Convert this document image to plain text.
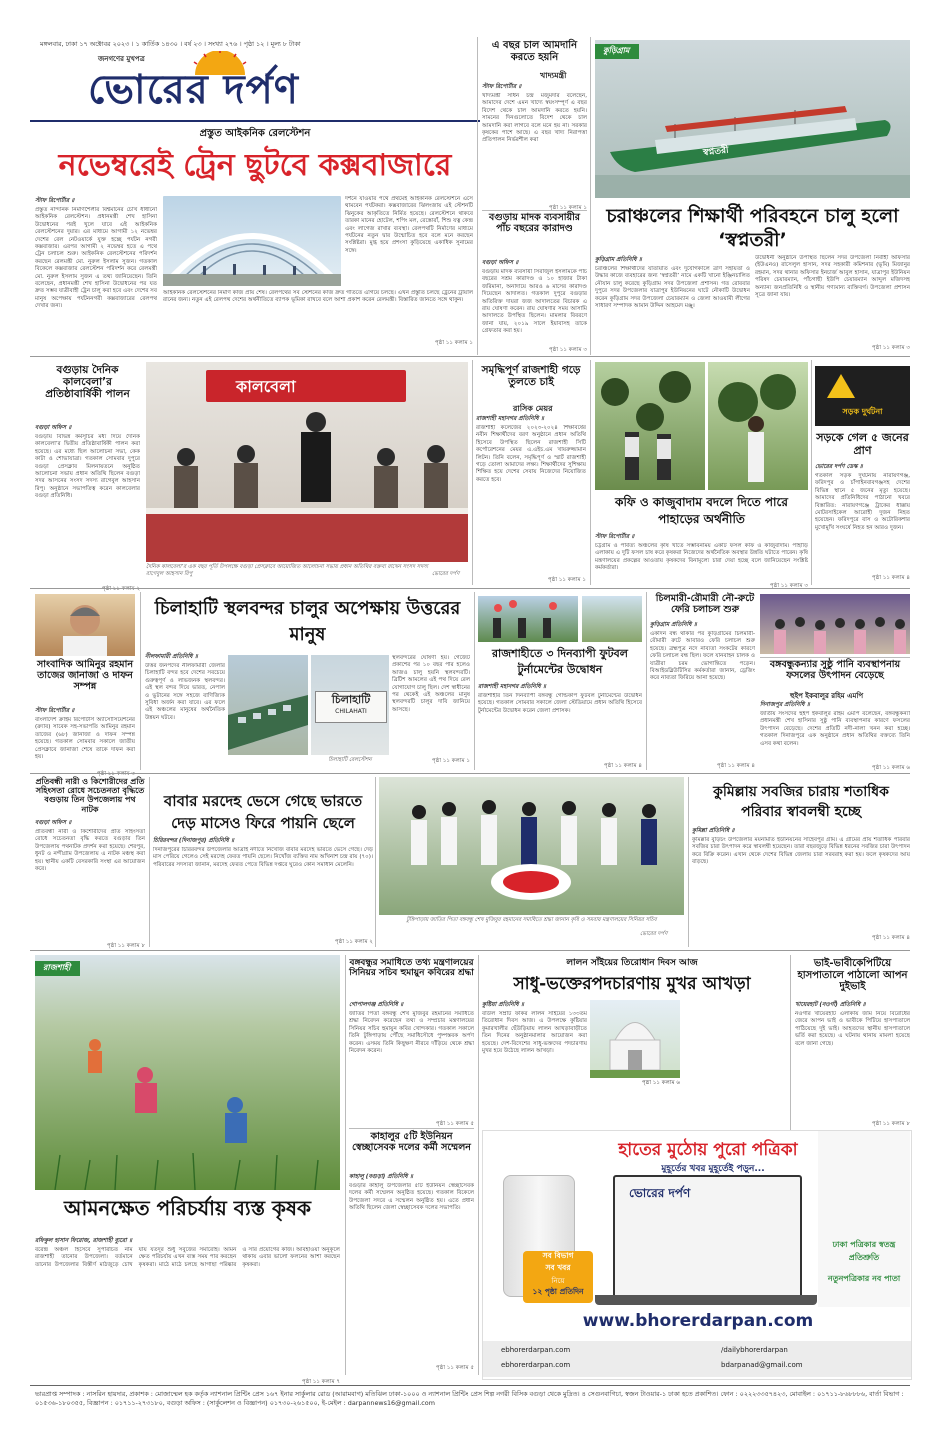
মঙ্গলবার, ঢাকা ১৭ অক্টোবর ২০২৩ । ১ কার্তিক ১৪৩০ । বর্ষ ২৩ । সংখ্যা ২৭৬ । পৃষ্ঠা ১২ । মূল্য ৮ টাকা
জনগণের মুখপত্র
ভোরের দর্পণ
প্রস্তুত আইকনিক রেলস্টেশন
নভেম্বরেই ট্রেন ছুটবে কক্সবাজারে
স্টাফ রিপোর্টার ॥
প্রস্তুত নান্দনিক নির্মাণশৈলীর বিশ্বমানের চোখ ধাঁধানো আইকনিক রেলস্টেশন। প্রধানমন্ত্রী শেখ হাসিনা উদ্বোধনের পরই খুলে যাবে এই আইকনিক রেলস্টেশনের দুয়ার। এর মাধ্যমে আগামী ১২ নভেম্বর দেশের রেল নেটওয়ার্কে যুক্ত হচ্ছে পর্যটন নগরী কক্সবাজার। এরপর আগামী ২ নভেম্বর হতে এ পথে ট্রেন চলাচল শুরু। আইকনিক রেলস্টেশনের পরিদর্শন করছেন রেলমন্ত্রী মো. নুরুল ইসলাম সুজন। গতকাল বিকেলে কক্সবাজার রেলস্টেশন পরিদর্শন করে রেলমন্ত্রী মো. নুরুল ইসলাম সুজন এ তথ্য জানিয়েছেন। তিনি বলেছেন, প্রধানমন্ত্রী শেখ হাসিনা উদ্বোধনের পর যত দ্রুত সম্ভব যাত্রীবাহী ট্রেন চালু করা হবে এবং দেশের সব মানুষ অপেক্ষায় পর্যটননগরী কক্সবাজারের রেলপথ দেখার জন্য।
দর্শনে যাওয়ার পথে প্রথমেই আইকনিক রেলস্টেশনে এসে থামবেন পর্যটকরা। কক্সবাজারের ঝিলংজায় এই স্টেশনটি ঝিনুকের আকৃতিতে নির্মিত হয়েছে। রেলস্টেশনে থাকবে তারকা মানের হোটেল, শপিং মল, রেস্তোরাঁ, শিশু যত্ন কেন্দ্র এবং লাগেজ রাখার ব্যবস্থা। রেলপথটি নির্মাণের মাধ্যমে পর্যটনের নতুন দ্বার উন্মোচিত হবে বলে মনে করছেন সংশ্লিষ্টরা। মুগ্ধ হয়ে প্রশংসা কুড়িয়েছে একাধিক সুনামের সঙ্গে।
আইকনিক রেলস্টেশনের নির্মাণ কাজ প্রায় শেষ। রেলপথের সব স্টেশনের কাজ দ্রুত গতিতে এগিয়ে চলছে। এখন প্রস্তুতি চলছে ট্রেনের ট্রায়াল রানের জন্য। নতুন এই রেলপথ দেশের অর্থনীতিতে ব্যাপক ভূমিকা রাখবে বলে আশা প্রকাশ করেন রেলমন্ত্রী। বিস্তারিত জানতে সঙ্গে থাকুন।
পৃষ্ঠা ১১ কলাম ১
এ বছর চাল আমদানি করতে হয়নি
খাদ্যমন্ত্রী
স্টাফ রিপোর্টার ॥
খাদ্যমন্ত্রী সাধন চন্দ্র মজুমদার বলেছেন, আমাদের দেশে এমন খাদ্যে স্বয়ংসম্পূর্ণ এ বছর বিদেশ থেকে চাল আমদানি করতে হয়নি। সামনের দিনগুলোতে বিদেশ থেকে চাল আমদানি করা লাগবে বলে মনে হয় না। সরকার কৃষকের পাশে আছে। এ বছর খাদ্য নিরাপত্তা প্রতিপালন নির্ভরশীল করা
পৃষ্ঠা ১১ কলাম ১
বগুড়ায় মাদক ব্যবসায়ীর পাঁচ বছরের কারাদণ্ড
বগুড়া অফিস ॥
বগুড়ায় মাদক ব্যবসায়ী সিরাজুল ইসলামকে পাঁচ বছরের সশ্রম কারাদণ্ড ও ১০ হাজার টাকা জরিমানা, অনাদায়ে আরও ৬ মাসের কারাদণ্ড দিয়েছেন আদালত। গতকাল দুপুরে বগুড়ার অতিরিক্ত দায়রা জজ আদালতের বিচারক এ রায় ঘোষণা করেন। রায় ঘোষণার সময় আসামি আদালতে উপস্থিত ছিলেন। মামলার বিবরণে জানা যায়, ২০১৯ সালে ইয়াবাসহ তাকে গ্রেফতার করা হয়।
পৃষ্ঠা ১১ কলাম ৩
কুড়িগ্রাম
স্বপ্নতরী
চরাঞ্চলের শিক্ষার্থী পরিবহনে চালু হলো ‘স্বপ্নতরী’
কুড়িগ্রাম প্রতিনিধি ॥
চরাঞ্চলের শিক্ষার্থীদের যাতায়াত এবং দুর্যোগকালে ত্রাণ সহায়তা ও উদ্ধার কাজে ব্যবহারের জন্য ‘স্বপ্নতরী’ নামে একটি খানো ইঞ্জিনচালিত নৌযান চালু করেছে কুড়িগ্রাম সদর উপজেলা প্রশাসন। গত রোববার দুপুরে সদর উপজেলার যাত্রাপুর ইউনিয়নের ঘাটে নৌকাটি উদ্বোধন করেন কুড়িগ্রাম সদর উপজেলা চেয়ারম্যান ও জেলা আওয়ামী লীগের সাধারণ সম্পাদক আমান উদ্দিন আহমেদ মঞ্জু।
উদ্বোধনী অনুষ্ঠানে উপস্থিত ছিলেন সদর উপজেলা নির্বাহী অফিসার (ইউএনও) রাসেলুল হাসান, সদর সহকারী কমিশনার (ভূমি) মিজানুর রহমান, সদর থানার অফিসার ইনচার্জ আবুল হাসান, যাত্রাপুর ইউনিয়ন পরিষদ চেয়ারম্যান, পাঁচগাছী ইউপি চেয়ারম্যান আব্দুল মজিদসহ অন্যান্য জনপ্রতিনিধি ও স্থানীয় গণ্যমান্য ব্যক্তিবর্গ। উপজেলা প্রশাসন সূত্রে জানা যায়।
পৃষ্ঠা ১১ কলাম ৩
বগুড়ায় দৈনিক কালবেলা’র প্রতিষ্ঠাবার্ষিকী পালন
বগুড়া অফিস ॥
বগুড়ায় বিভিন্ন কর্মসূচির মধ্য দিয়ে দৈনিক কালবেলা’র দ্বিতীয় প্রতিষ্ঠাবার্ষিকী পালন করা হয়েছে। এর মধ্যে ছিল আলোচনা সভা, কেক কাটা ও শোভাযাত্রা। গতকাল সোমবার দুপুরে বগুড়া প্রেসক্লাব মিলনায়তনে অনুষ্ঠিত আলোচনা সভায় প্রধান অতিথি ছিলেন বগুড়া সদর আসনের সংসদ সদস্য রাগেবুল আহসান রিপু। অনুষ্ঠানে সভাপতিত্ব করেন কালবেলার বগুড়া প্রতিনিধি।
পৃষ্ঠা ১১ কলাম ২
কালবেলা
দৈনিক কালবেলা’র এক বছর পূর্তি উপলক্ষে বগুড়া প্রেসক্লাবে আয়োজিত আলোচনা সভায় প্রধান অতিথির বক্তব্য রাখেন সংসদ সদস্য রাগেবুল আহসান রিপু	ভোরের দর্পণ
সমৃদ্ধিপূর্ণ রাজশাহী গড়ে তুলতে চাই
রাসিক মেয়র
রাজশাহী মহানগর প্রতিনিধি ॥
রাজশাহী কলেজের ২০২৩-২০২৪ শিক্ষাবর্ষের নবীন শিক্ষার্থীদের বরণ অনুষ্ঠানে প্রধান অতিথি হিসেবে উপস্থিত ছিলেন রাজশাহী সিটি কর্পোরেশনের মেয়র এ.এইচ.এম খায়রুজ্জামান লিটন। তিনি বলেন, সমৃদ্ধিপূর্ণ ও স্মার্ট রাজশাহী গড়ে তোলা আমাদের লক্ষ্য। শিক্ষার্থীদের সুশিক্ষায় শিক্ষিত হয়ে দেশের সেবায় নিজেদের নিয়োজিত করতে হবে।
পৃষ্ঠা ১১ কলাম ১
কফি ও কাজুবাদাম বদলে দিতে পারে পাহাড়ের অর্থনীতি
স্টাফ রিপোর্টার ॥
চট্টগ্রাম ও পার্বত্য অঞ্চলের কৃষি খাতে সম্ভাবনাময় একটি ফসল কফি ও কাজুবাদাম। পাহাড়ি এলাকায় এ দুটি ফসল চাষ করে কৃষকরা নিজেদের অর্থনৈতিক অবস্থার উন্নতি ঘটাতে পারেন। কৃষি মন্ত্রণালয়ের প্রকল্পের আওতায় কৃষকদের বিনামূল্যে চারা দেয়া হচ্ছে বলে জানিয়েছেন সংশ্লিষ্ট কর্মকর্তারা।
পৃষ্ঠা ১১ কলাম ৩
সড়ক দুর্ঘটনা
সড়কে গেল ৫ জনের প্রাণ
ভোরের দর্পণ ডেস্ক ॥
গতকাল সড়ক দুর্ঘটনায় নারায়ণগঞ্জ, ফরিদপুর ও চাঁপাইনবাবগঞ্জসহ দেশের বিভিন্ন স্থানে ৫ জনের মৃত্যু হয়েছে। আমাদের প্রতিনিধিদের পাঠানো খবরে বিস্তারিত: নারায়ণগঞ্জে ট্রাকের ধাক্কায় মোটরসাইকেল আরোহী দুজন নিহত হয়েছেন। ফরিদপুরে বাস ও অটোরিকশার মুখোমুখি সংঘর্ষে নিহত হন আরও দুজন।
পৃষ্ঠা ১১ কলাম ৪
সাংবাদিক আমিনুর রহমান তাজের জানাজা ও দাফন সম্পন্ন
স্টাফ রিপোর্টার ॥
বাংলাদেশ ক্রাইম রিপোর্টার্স অ্যাসোসিয়েশনের (ক্র্যাব) সাবেক সহ-সভাপতি আমিনুর রহমান তাজের (৬৮) জানাজা ও দাফন সম্পন্ন হয়েছে। গতকাল সোমবার সকালে জাতীয় প্রেসক্লাবে জানাজা শেষে তাকে দাফন করা হয়।
পৃষ্ঠা ১১ কলাম ৩
চিলাহাটি স্থলবন্দর চালুর অপেক্ষায় উত্তরের মানুষ
নীলফামারী প্রতিনিধি ॥
উত্তর জনপদের নীলফামারী জেলার চিলাহাটি বন্দর হবে দেশের সবচেয়ে গুরুত্বপূর্ণ ও লাভজনক স্থলবন্দর। এই স্থল বন্দর দিয়ে ভারত, নেপাল ও ভুটানের সঙ্গে সহজে বাণিজ্যিক সুবিধা অর্জন করা যাবে। এর ফলে এই অঞ্চলের মানুষের অর্থনৈতিক উন্নয়ন ঘটবে।
চিলাহাটি
CHILAHATI
স্থলবন্দরের ঘোষণা হয়। গেজেট প্রকাশের পর ১০ বছর পার হলেও আজও চালু হয়নি স্থলবন্দরটি। ব্রিটিশ আমলের এই পথ দিয়ে রেল যোগাযোগ চালু ছিল। দেশ স্বাধীনের পর থেকেই এই অঞ্চলের মানুষ স্থলবন্দরটি চালুর দাবি জানিয়ে আসছে।
চিলাহাটি রেলস্টেশন	পৃষ্ঠা ১১ কলাম ১
রাজশাহীতে ৩ দিনব্যাপী ফুটবল টুর্নামেন্টের উদ্বোধন
রাজশাহী মহানগর প্রতিনিধি ॥
রাজশাহীর তিন দিনব্যাপী বঙ্গবন্ধু গোল্ডকাপ ফুটবল টুর্নামেন্টের উদ্বোধন হয়েছে। গতকাল সোমবার সকালে জেলা স্টেডিয়ামে প্রধান অতিথি হিসেবে টুর্নামেন্টের উদ্বোধন করেন জেলা প্রশাসক।
পৃষ্ঠা ১১ কলাম ৪
চিলমারী-রৌমারী নৌ-রুটে ফেরি চলাচল শুরু
কুড়িগ্রাম প্রতিনিধি ॥
একদিন বন্ধ থাকার পর কুড়িগ্রামের চিলমারী-রৌমারী রুটে আবারও ফেরি চলাচল শুরু হয়েছে। ব্রহ্মপুত্র নদে নাব্যতা সংকটের কারণে ফেরি চলাচল বন্ধ ছিল। ফলে যানবাহন চালক ও যাত্রীরা চরম ভোগান্তিতে পড়েন। বিআইডব্লিউটিসির কর্মকর্তারা জানান, ড্রেজিং করে নাব্যতা ফিরিয়ে আনা হয়েছে।
পৃষ্ঠা ১১ কলাম ৪
বঙ্গবন্ধুকন্যার সুষ্ঠু পানি ব্যবস্থাপনায় ফসলের উৎপাদন বেড়েছে
হুইপ ইকবালুর রহিম এমপি
দিনাজপুর প্রতিনিধি ॥
জাতীয় সংসদের হুইপ ইকবালুর রহিম এমপি বলেছেন, বঙ্গবন্ধুকন্যা প্রধানমন্ত্রী শেখ হাসিনার সুষ্ঠু পানি ব্যবস্থাপনার কারণে ফসলের উৎপাদন বেড়েছে। দেশের প্রতিটি নদী-নালা খনন করা হচ্ছে। গতকাল দিনাজপুরে এক অনুষ্ঠানে প্রধান অতিথির বক্তব্যে তিনি এসব কথা বলেন।
পৃষ্ঠা ১১ কলাম ৬
প্রতিবন্ধী নারী ও কিশোরীদের প্রতি সহিংসতা রোধে সচেতনতা বৃদ্ধিতে বগুড়ায় তিন উপজেলায় পথ নাটক
বগুড়া অফিস ॥
প্রতিবন্ধী নারী ও কিশোরীদের প্রতি সহিংসতা রোধে সচেতনতা বৃদ্ধি করতে বগুড়ার তিন উপজেলায় পথনাটক প্রদর্শন করা হয়েছে। শেরপুর, ধুনট ও নন্দীগ্রাম উপজেলায় এ নাটক মঞ্চস্থ করা হয়। স্থানীয় একটি বেসরকারি সংস্থা এর আয়োজন করে।
পৃষ্ঠা ১১ কলাম ৮
বাবার মরদেহ ভেসে গেছে ভারতে দেড় মাসেও ফিরে পায়নি ছেলে
চিরিরবন্দর (দিনাজপুর) প্রতিনিধি ॥
দিনাজপুরের চিরিরবন্দর উপজেলার আত্রাই নদীতে নিখোঁজ বাবার মরদেহ ভারতে ভেসে গেছে। দেড় মাস পেরিয়ে গেলেও সেই মরদেহ ফেরত পায়নি ছেলে। নিখোঁজ ব্যক্তির নাম অখিনাশ চন্দ্র রায় (৭০)। পরিবারের সদস্যরা জানান, মরদেহ ফেরত পেতে বিভিন্ন দপ্তরে ঘুরেও কোন সমাধান মেলেনি।
পৃষ্ঠা ১১ কলাম ২
টুঙ্গিপাড়ায় জাতির পিতা বঙ্গবন্ধু শেখ মুজিবুর রহমানের সমাধিতে শ্রদ্ধা জানান কৃষি ও সমবায় মন্ত্রণালয়ের সিনিয়র সচিব
ভোরের দর্পণ
কুমিল্লায় সবজির চারায় শতাধিক পরিবার স্বাবলম্বী হচ্ছে
কুমিল্লা প্রতিনিধি ॥
কুমিল্লার বুড়িচং উপজেলার ময়নামতি ইউনিয়নের সাহেবপুর গ্রাম। এ গ্রামের প্রায় শতাধিক পরিবার সবজির চারা উৎপাদন করে স্বাবলম্বী হয়েছেন। তারা বছরজুড়ে বিভিন্ন ধরনের সবজির চারা উৎপাদন করে বিক্রি করেন। এখান থেকে দেশের বিভিন্ন জেলায় চারা সরবরাহ করা হয়। ফলে কৃষকদের আয় বাড়ছে।
পৃষ্ঠা ১১ কলাম ৪
রাজশাহী
আমনক্ষেত পরিচর্যায় ব্যস্ত কৃষক
রফিকুল হাসান ফিরোজ, রাজশাহী ব্যুরো ॥
বরেন্দ্র অঞ্চল হিসেবে সুপরিচিত নাম রাজশাহী তানোর উপজেলা। বর্তমানে তানোর উপজেলার বিস্তীর্ণ মাঠজুড়ে চোখ যায় যতদূর শুধু সবুজের সমারোহ। আমন ক্ষেত পরিচর্যায় এখন ব্যস্ত সময় পার করছেন কৃষকরা। মাঠে মাঠে চলছে আগাছা পরিষ্কার ও সার প্রয়োগের কাজ। আবহাওয়া অনুকূলে থাকায় এবার ভালো ফলনের আশা করছেন কৃষকরা।
পৃষ্ঠা ১১ কলাম ৭
বঙ্গবন্ধুর সমাধিতে তথ্য মন্ত্রণালয়ের সিনিয়র সচিব হুমায়ুন কবিরের শ্রদ্ধা
গোপালগঞ্জ প্রতিনিধি ॥
জাতির পিতা বঙ্গবন্ধু শেখ মুজিবুর রহমানের সমাধিতে শ্রদ্ধা নিবেদন করেছেন তথ্য ও সম্প্রচার মন্ত্রণালয়ের সিনিয়র সচিব হুমায়ুন কবির খোন্দকার। গতকাল সকালে তিনি টুঙ্গিপাড়ায় পৌঁছে সমাধিসৌধে পুষ্পস্তবক অর্পণ করেন। এসময় তিনি কিছুক্ষণ নীরবে দাঁড়িয়ে থেকে শ্রদ্ধা নিবেদন করেন।
পৃষ্ঠা ১১ কলাম ৫
কাহালুর ৫টি ইউনিয়ন স্বেচ্ছাসেবক দলের কর্মী সম্মেলন
কাহালু (বগুড়া) প্রতিনিধি ॥
বগুড়ার কাহালু উপজেলার ৫টি ইউনিয়ন স্বেচ্ছাসেবক দলের কর্মী সম্মেলন অনুষ্ঠিত হয়েছে। গতকাল বিকেলে উপজেলা সদরে এ সম্মেলন অনুষ্ঠিত হয়। এতে প্রধান অতিথি ছিলেন জেলা স্বেচ্ছাসেবক দলের সভাপতি।
পৃষ্ঠা ১১ কলাম ৫
লালন সাঁইয়ের তিরোধান দিবস আজ
সাধু-ভক্তেরপদচারণায় মুখর আখড়া
কুষ্টিয়া প্রতিনিধি ॥
বাউল সম্রাট ফকির লালন সাঁইয়ের ১৩৩তম তিরোধান দিবস আজ। এ উপলক্ষে কুষ্টিয়ার কুমারখালীর ছেঁউড়িয়ায় লালন আখড়াবাড়ীতে তিন দিনের অনুষ্ঠানমালার আয়োজন করা হয়েছে। দেশ-বিদেশের সাধু-ভক্তদের পদচারণায় মুখর হয়ে উঠেছে লালন আখড়া।
পৃষ্ঠা ১১ কলাম ৬
ভাই-ভাবীকেপিটিয়ে হাসপাতালে পাঠালো আপন দুইভাই
খায়েরহাট (নওগাঁ) প্রতিনিধি ॥
নওগাঁর খায়েরহাট এলাকায় জমি নিয়ে বিরোধের জেরে আপন ভাই ও ভাবীকে পিটিয়ে হাসপাতালে পাঠিয়েছে দুই ভাই। আহতদের স্থানীয় হাসপাতালে ভর্তি করা হয়েছে। এ ঘটনায় থানায় মামলা হয়েছে বলে জানা গেছে।
পৃষ্ঠা ১১ কলাম ৮
হাতের মুঠোয় পুরো পত্রিকা
মুহূর্তের খবর মুহূর্তেই পড়ুন...
ভোরের দর্পণ
সব বিভাগ
সব খবর
নিয়ে
১২ পৃষ্ঠা প্রতিদিন
ঢাকা পত্রিকার স্বতন্ত্র প্রতিশ্রুতি
নতুনপত্রিকার নব পাতা
www.bhorerdarpan.com
ebhorerdarpan.com
ebhorerdarpan.com
/dailybhorerdarpan
bdarpanad@gmail.com
ভারপ্রাপ্ত সম্পাদক : নাসরিন হায়দার, প্রকাশক : মোজাম্মেল হক কর্তৃক ন্যাশনাল প্রিন্টিং প্রেস ১৬৭ ইনার সার্কুলার রোড (আরামবাগ) মতিঝিল ঢাকা-১০০০ ও ন্যাশনাল প্রিন্টিং প্রেস শিল্প নগরী বিসিক বগুড়া থেকে মুদ্রিত। ৪ সেগুনবাগিচা, স্বজন টাওয়ার-১ ঢাকা হতে প্রকাশিত। ফোন : ০২২২৩৩৫৭৪২৩, মোবাইল : ০১৭১১-৮৬৮৮৮৬, বার্তা বিভাগ : ০১৫৩৬-১৮০৩৫৫, বিজ্ঞাপন : ০১৭১১-২৭৩১৮০, বগুড়া অফিস : (সার্কুলেশন ও বিজ্ঞাপন) ০১৭৩০-২৬১৫০০, ই-মেইল : darpannews16@gmail.com
